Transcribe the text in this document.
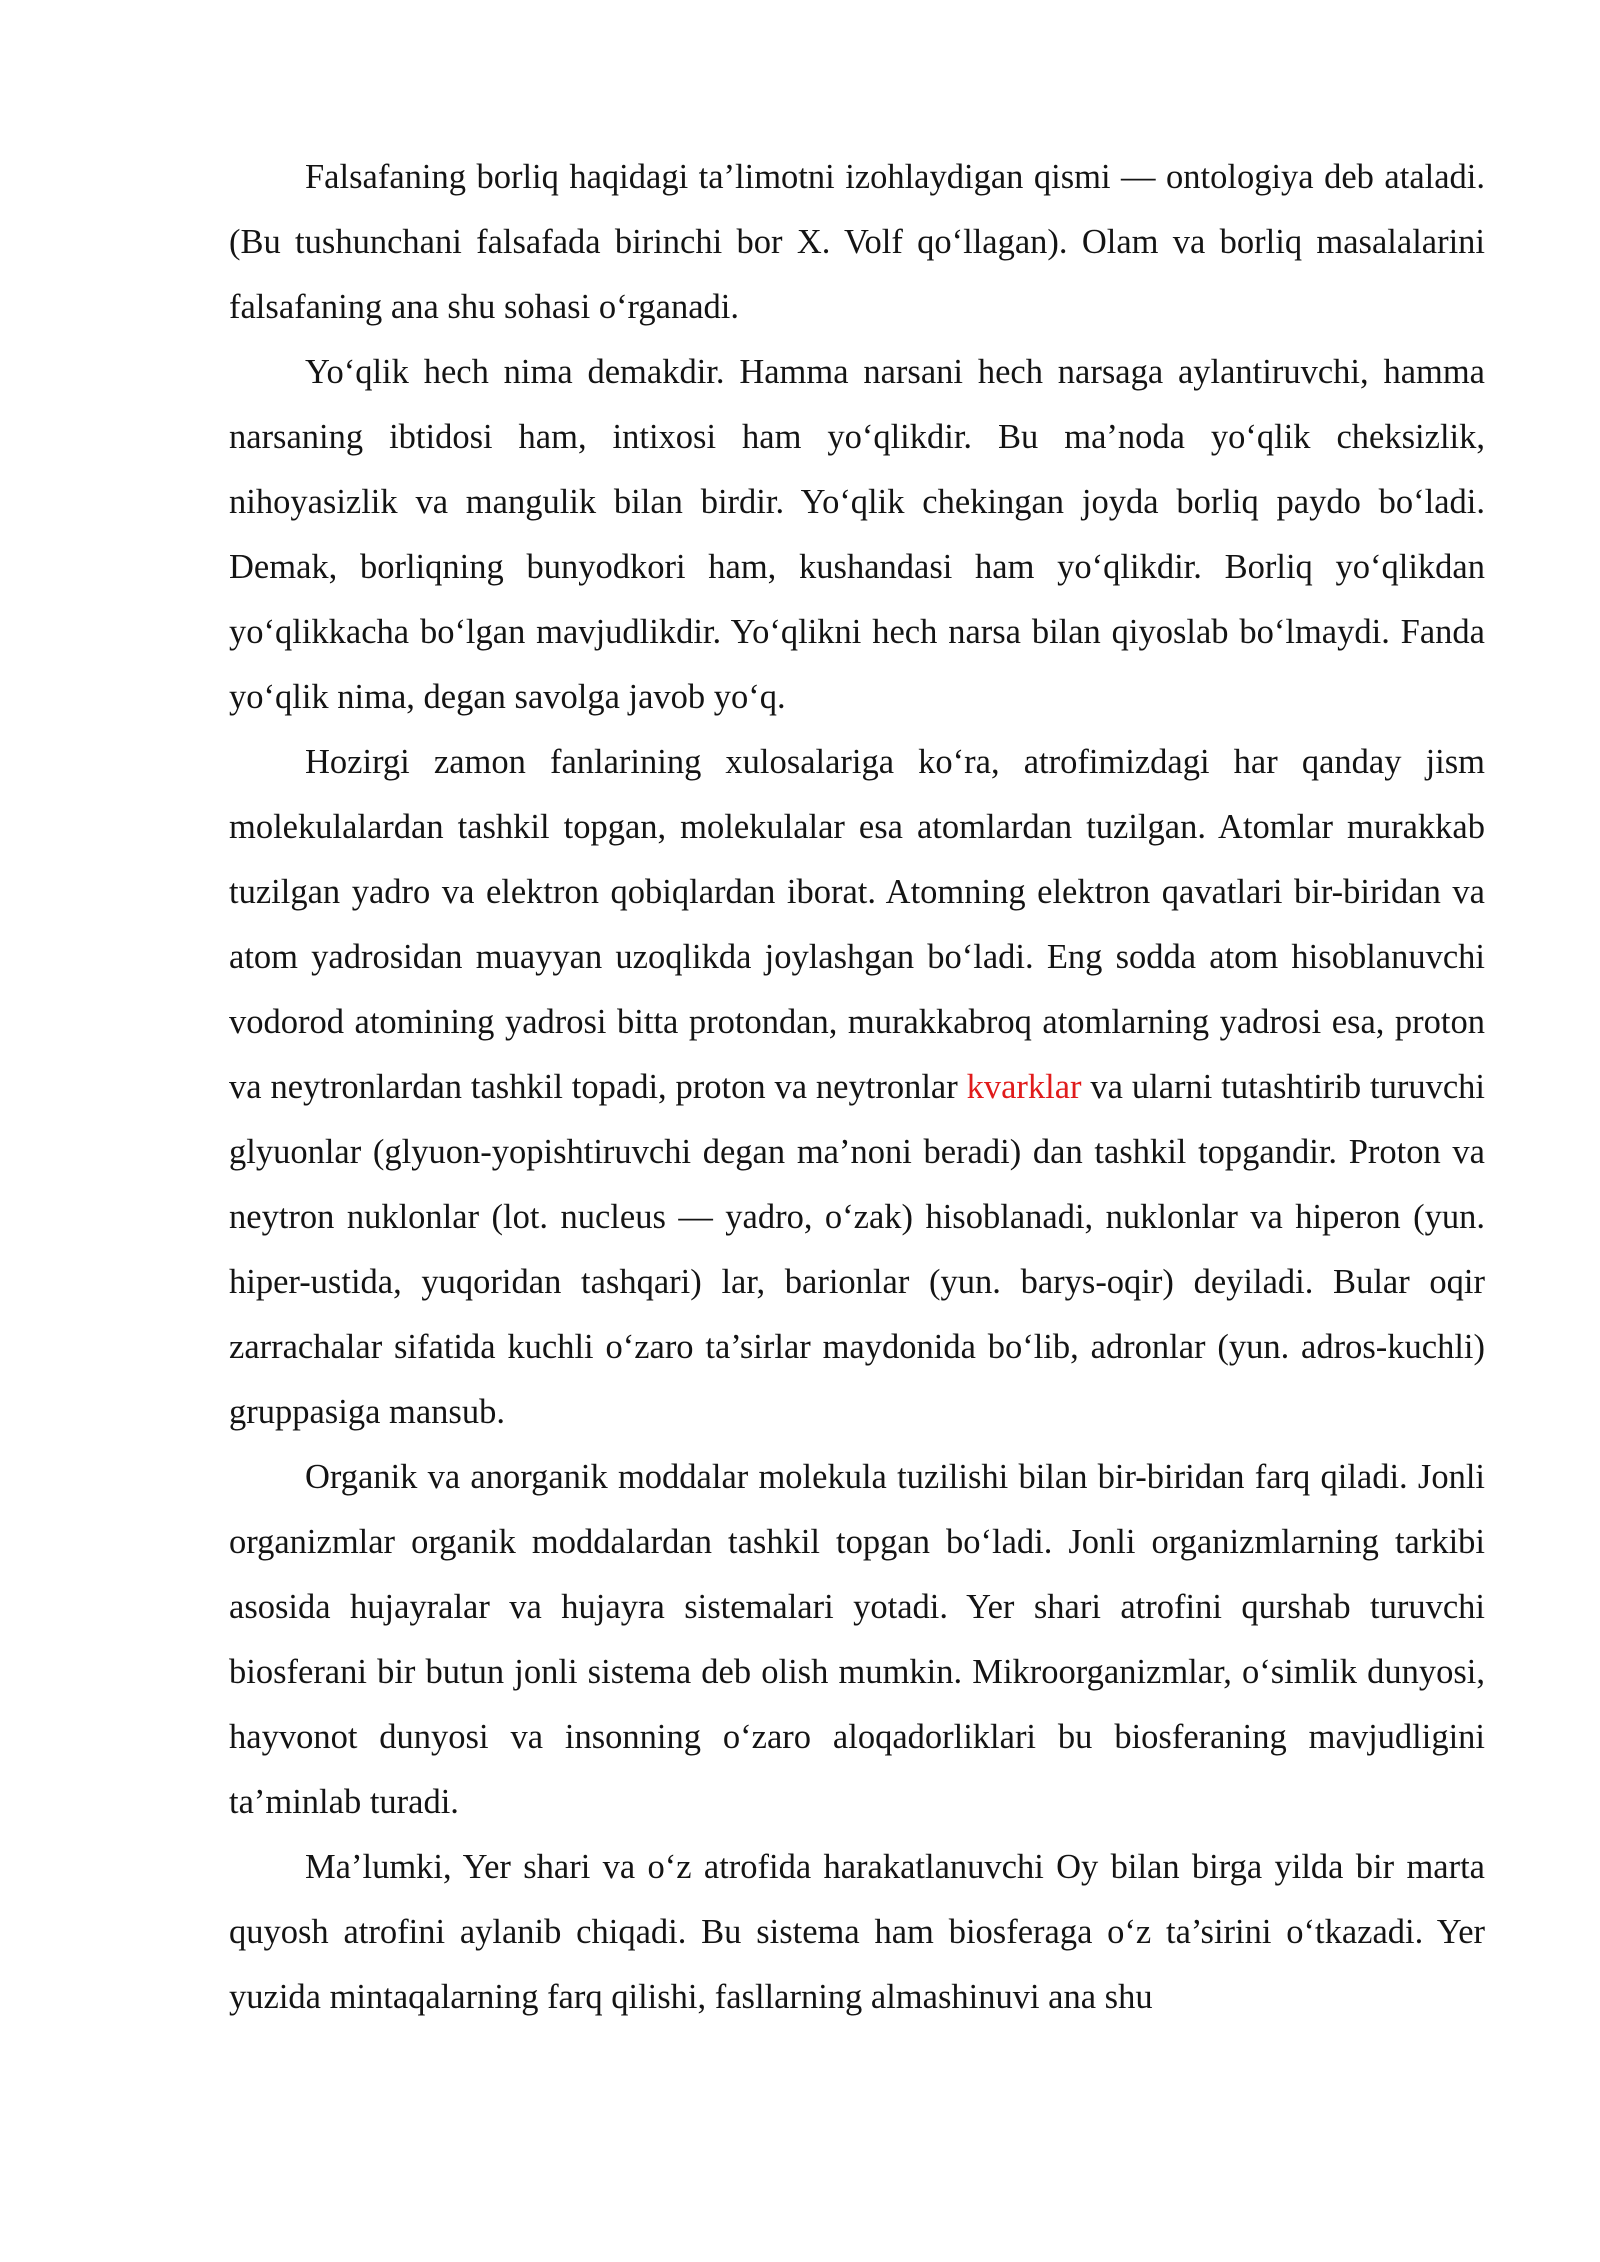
Falsafaning borliq haqidagi ta’limotni izohlaydigan qismi — ontologiya deb ataladi. (Bu tushunchani falsafada birinchi bor X. Volf qo‘llagan). Olam va borliq masalalarini falsafaning ana shu sohasi o‘rganadi.

Yo‘qlik hech nima demakdir. Hamma narsani hech narsaga aylantiruvchi, hamma narsaning ibtidosi ham, intixosi ham yo‘qlikdir. Bu ma’noda yo‘qlik cheksizlik, nihoyasizlik va mangulik bilan birdir. Yo‘qlik chekingan joyda borliq paydo bo‘ladi. Demak, borliqning bunyodkori ham, kushandasi ham yo‘qlikdir. Borliq yo‘qlikdan yo‘qlikkacha bo‘lgan mavjudlikdir. Yo‘qlikni hech narsa bilan qiyoslab bo‘lmaydi. Fanda yo‘qlik nima, degan savolga javob yo‘q.

Hozirgi zamon fanlarining xulosalariga ko‘ra, atrofimizdagi har qanday jism molekulalardan tashkil topgan, molekulalar esa atomlardan tuzilgan. Atomlar murakkab tuzilgan yadro va elektron qobiqlardan iborat. Atomning elektron qavatlari bir-biridan va atom yadrosidan muayyan uzoqlikda joylashgan bo‘ladi. Eng sodda atom hisoblanuvchi vodorod atomining yadrosi bitta protondan, murakkabroq atomlarning yadrosi esa, proton va neytronlardan tashkil topadi, proton va neytronlar kvarklar va ularni tutashtirib turuvchi glyuonlar (glyuon-yopishtiruvchi degan ma’noni beradi) dan tashkil topgandir. Proton va neytron nuklonlar (lot. nucleus — yadro, o‘zak) hisoblanadi, nuklonlar va hiperon (yun. hiper-ustida, yuqoridan tashqari) lar, barionlar (yun. barys-oqir) deyiladi. Bular oqir zarrachalar sifatida kuchli o‘zaro ta’sirlar maydonida bo‘lib, adronlar (yun. adros-kuchli) gruppasiga mansub.

Organik va anorganik moddalar molekula tuzilishi bilan bir-biridan farq qiladi. Jonli organizmlar organik moddalardan tashkil topgan bo‘ladi. Jonli organizmlarning tarkibi asosida hujayralar va hujayra sistemalari yotadi. Yer shari atrofini qurshab turuvchi biosferani bir butun jonli sistema deb olish mumkin. Mikroorganizmlar, o‘simlik dunyosi, hayvonot dunyosi va insonning o‘zaro aloqadorliklari bu biosferaning mavjudligini ta’minlab turadi.

Ma’lumki, Yer shari va o‘z atrofida harakatlanuvchi Oy bilan birga yilda bir marta quyosh atrofini aylanib chiqadi. Bu sistema ham biosferaga o‘z ta’sirini o‘tkazadi. Yer yuzida mintaqalarning farq qilishi, fasllarning almashinuvi ana shu
